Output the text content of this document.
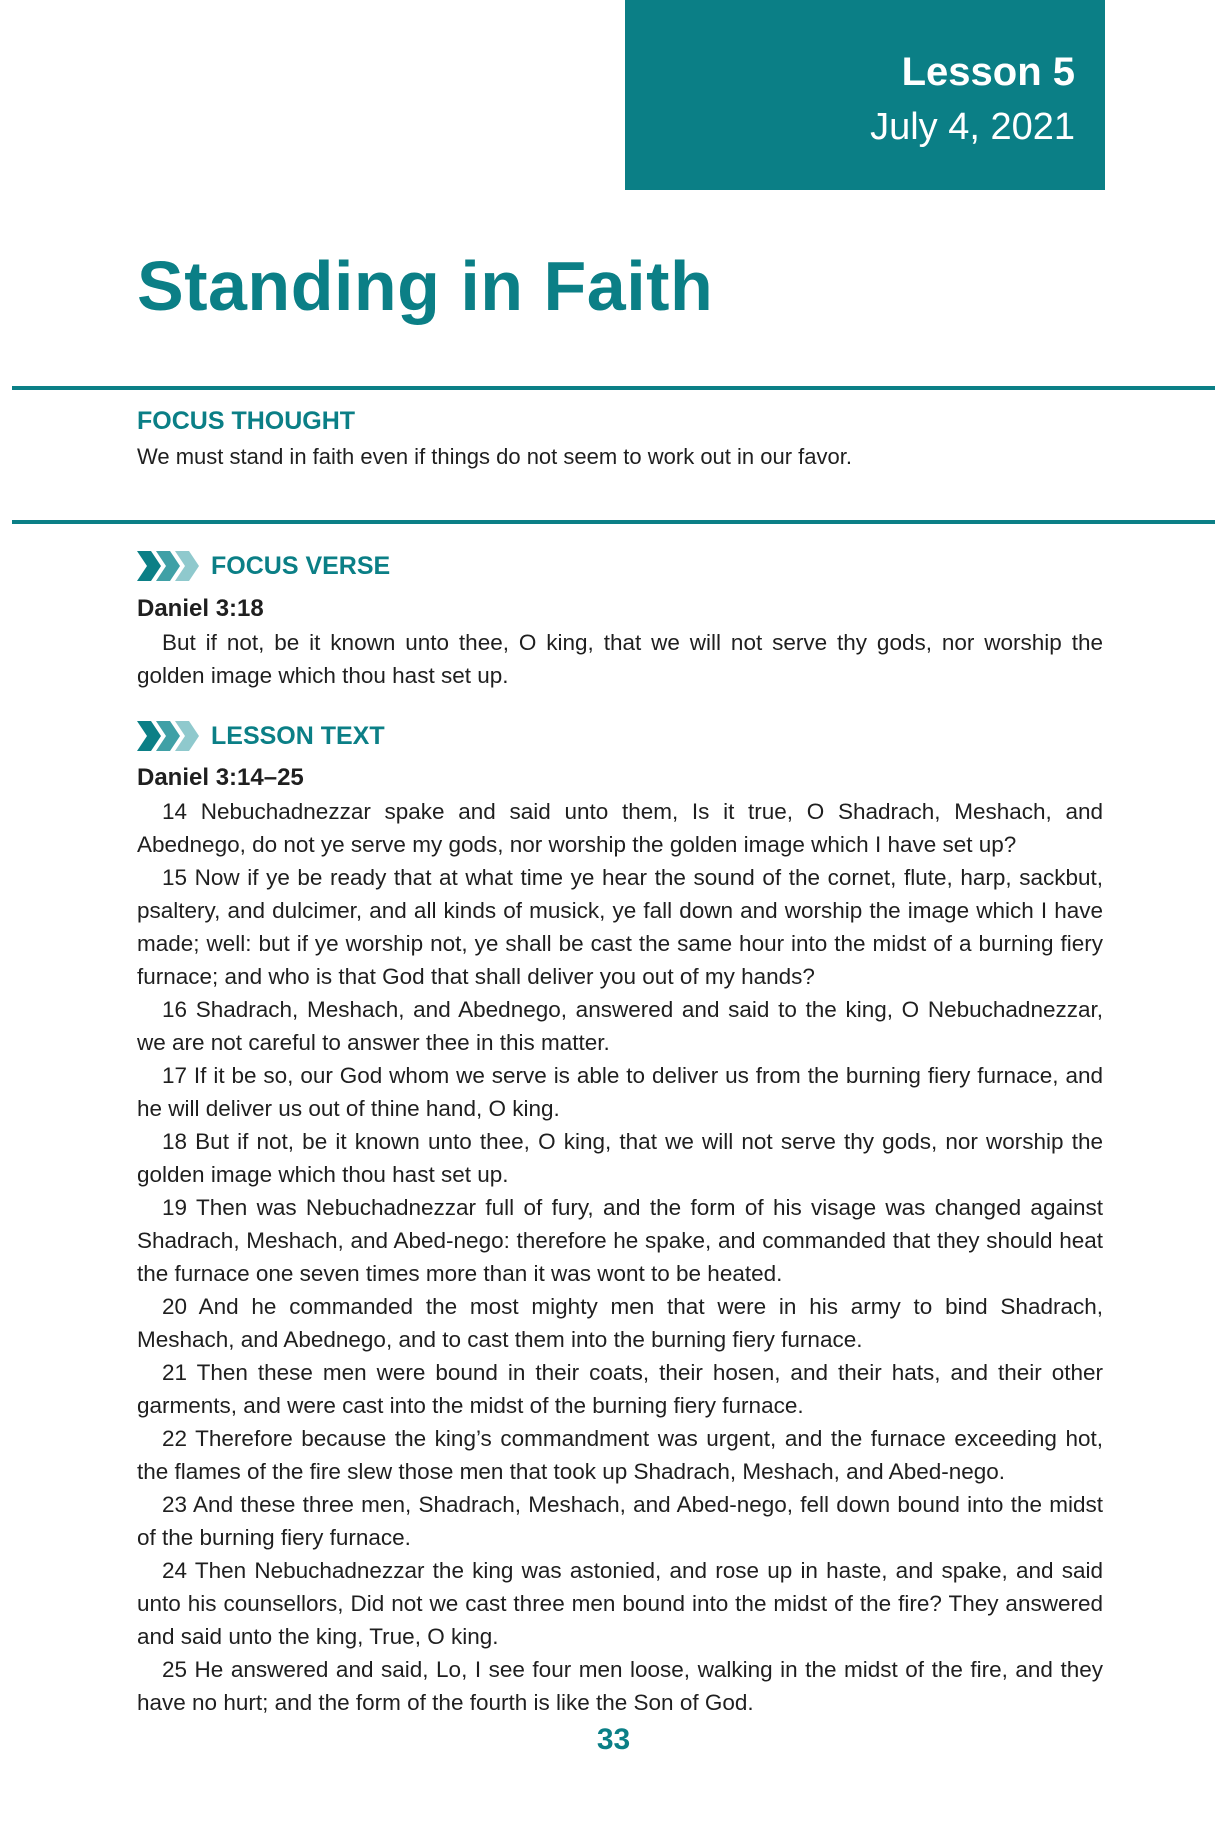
Lesson 5
July 4, 2021
Standing in Faith
FOCUS THOUGHT
We must stand in faith even if things do not seem to work out in our favor.
FOCUS VERSE
Daniel 3:18

But if not, be it known unto thee, O king, that we will not serve thy gods, nor worship the golden image which thou hast set up.

LESSON TEXT
Daniel 3:14–25

14 Nebuchadnezzar spake and said unto them, Is it true, O Shadrach, Meshach, and Abednego, do not ye serve my gods, nor worship the golden image which I have set up?

15 Now if ye be ready that at what time ye hear the sound of the cornet, flute, harp, sackbut, psaltery, and dulcimer, and all kinds of musick, ye fall down and worship the image which I have made; well: but if ye worship not, ye shall be cast the same hour into the midst of a burning fiery furnace; and who is that God that shall deliver you out of my hands?

16 Shadrach, Meshach, and Abednego, answered and said to the king, O Nebuchadnezzar, we are not careful to answer thee in this matter.

17 If it be so, our God whom we serve is able to deliver us from the burning fiery furnace, and he will deliver us out of thine hand, O king.

18 But if not, be it known unto thee, O king, that we will not serve thy gods, nor worship the golden image which thou hast set up.

19 Then was Nebuchadnezzar full of fury, and the form of his visage was changed against Shadrach, Meshach, and Abed-nego: therefore he spake, and commanded that they should heat the furnace one seven times more than it was wont to be heated.

20 And he commanded the most mighty men that were in his army to bind Shadrach, Meshach, and Abednego, and to cast them into the burning fiery furnace.

21 Then these men were bound in their coats, their hosen, and their hats, and their other garments, and were cast into the midst of the burning fiery furnace.

22 Therefore because the king’s commandment was urgent, and the furnace exceeding hot, the flames of the fire slew those men that took up Shadrach, Meshach, and Abed-nego.

23 And these three men, Shadrach, Meshach, and Abed-nego, fell down bound into the midst of the burning fiery furnace.

24 Then Nebuchadnezzar the king was astonied, and rose up in haste, and spake, and said unto his counsellors, Did not we cast three men bound into the midst of the fire? They answered and said unto the king, True, O king.

25 He answered and said, Lo, I see four men loose, walking in the midst of the fire, and they have no hurt; and the form of the fourth is like the Son of God.

33
